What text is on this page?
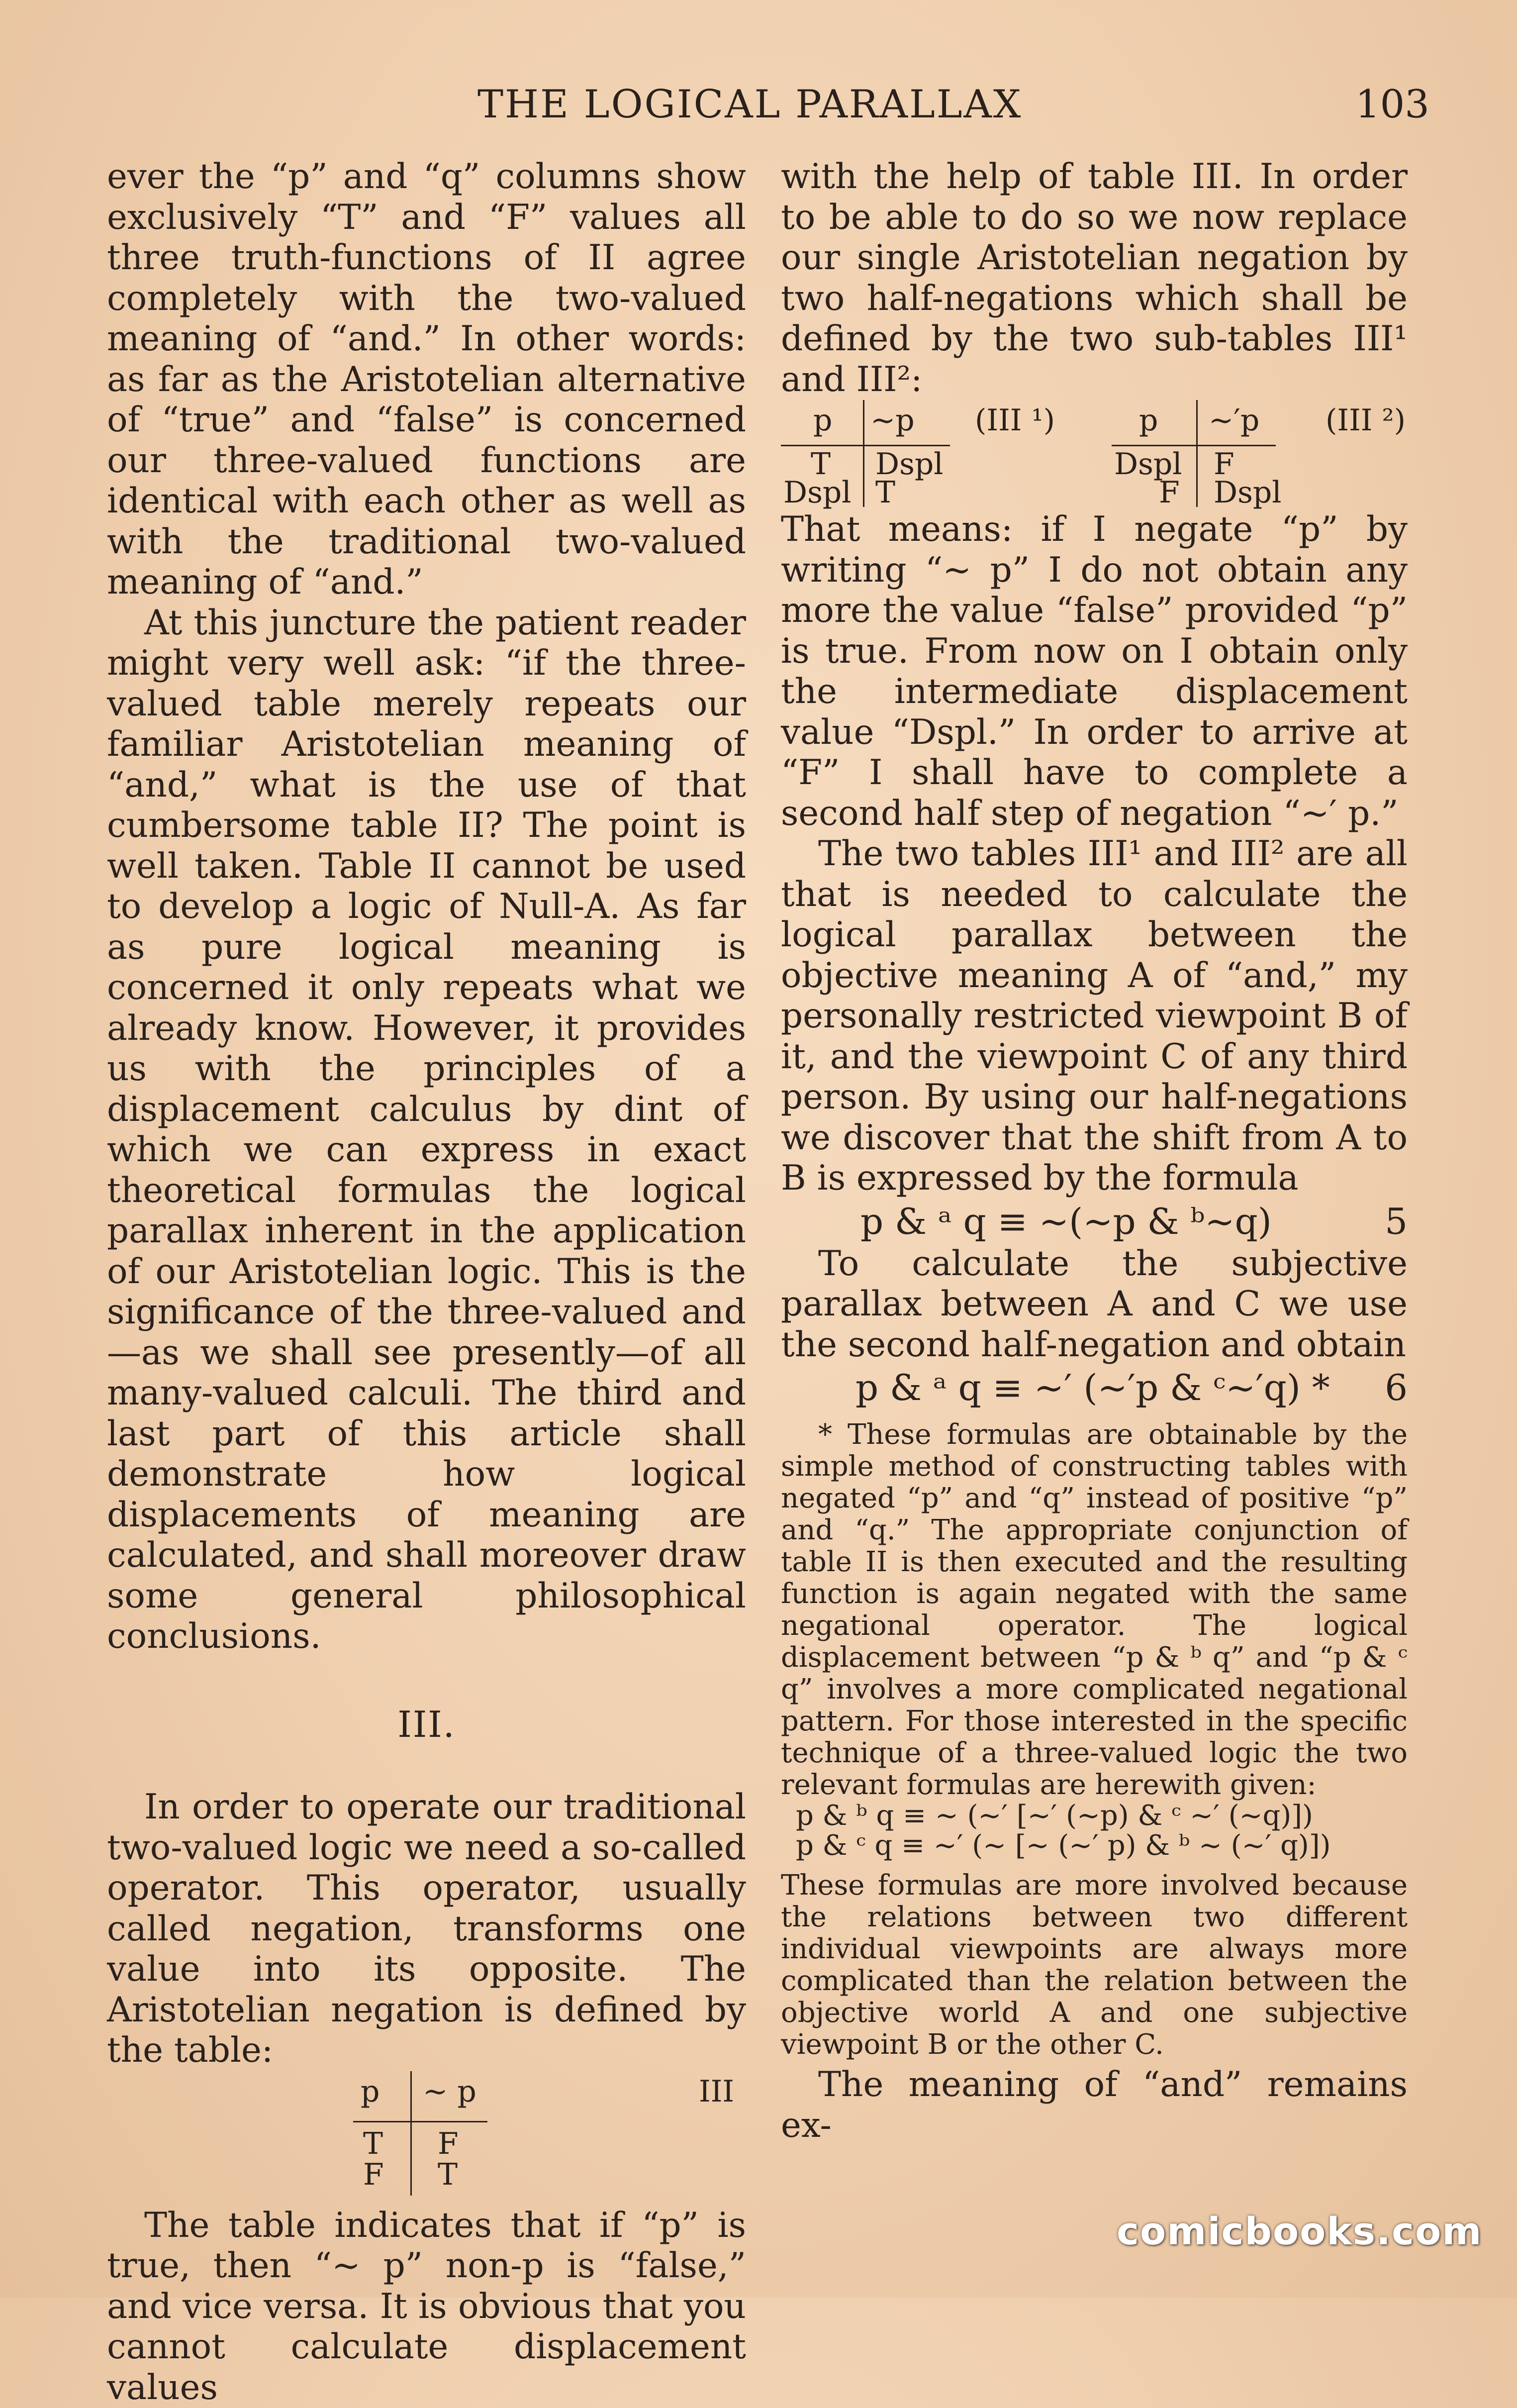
THE LOGICAL PARALLAX	103

ever the “p” and “q” columns show exclusively “T” and “F” values all three truth-functions of II agree completely with the two-valued meaning of “and.” In other words: as far as the Aristotelian alternative of “true” and “false” is concerned our three-valued functions are identical with each other as well as with the traditional two-valued meaning of “and.”

At this juncture the patient reader might very well ask: “if the three-valued table merely repeats our familiar Aristotelian meaning of “and,” what is the use of that cumbersome table II? The point is well taken. Table II cannot be used to develop a logic of Null-A. As far as pure logical meaning is concerned it only repeats what we already know. However, it provides us with the principles of a displacement calculus by dint of which we can express in exact theoretical formulas the logical parallax inherent in the application of our Aristotelian logic. This is the significance of the three-valued and—as we shall see presently—of all many-valued calculi. The third and last part of this article shall demonstrate how logical displacements of meaning are calculated, and shall moreover draw some general philosophical conclusions.

III.

In order to operate our traditional two-valued logic we need a so-called operator. This operator, usually called negation, transforms one value into its opposite. The Aristotelian negation is defined by the table:

p ∼ p	III
T F
F T

The table indicates that if “p” is true, then “∼ p” non-p is “false,” and vice versa. It is obvious that you cannot calculate displacement values

with the help of table III. In order to be able to do so we now replace our single Aristotelian negation by two half-negations which shall be defined by the two sub-tables III¹ and III²:

p ∼p (III ¹)
T Dspl
Dspl T
p ∼′p (III ²)
Dspl F
F Dspl

That means: if I negate “p” by writing “∼ p” I do not obtain any more the value “false” provided “p” is true. From now on I obtain only the intermediate displacement value “Dspl.” In order to arrive at “F” I shall have to complete a second half step of negation “∼′ p.”

The two tables III¹ and III² are all that is needed to calculate the logical parallax between the objective meaning A of “and,” my personally restricted viewpoint B of it, and the viewpoint C of any third person. By using our half-negations we discover that the shift from A to B is expressed by the formula

p & ᵃ q ≡ ∼(∼p & ᵇ∼q)	5

To calculate the subjective parallax between A and C we use the second half-negation and obtain

p & ᵃ q ≡ ∼′ (∼′p & ᶜ∼′q) * 6

* These formulas are obtainable by the simple method of constructing tables with negated “p” and “q” instead of positive “p” and “q.” The appropriate conjunction of table II is then executed and the resulting function is again negated with the same negational operator. The logical displacement between “p & ᵇ q” and “p & ᶜ q” involves a more complicated negational pattern. For those interested in the specific technique of a three-valued logic the two relevant formulas are herewith given:

p & ᵇ q ≡ ∼ (∼′ [∼′ (∼p) & ᶜ ∼′ (∼q)])
p & ᶜ q ≡ ∼′ (∼ [∼ (∼′ p) & ᵇ ∼ (∼′ q)])

These formulas are more involved because the relations between two different individual viewpoints are always more complicated than the relation between the objective world A and one subjective viewpoint B or the other C.

The meaning of “and” remains ex-

comicbooks.com
